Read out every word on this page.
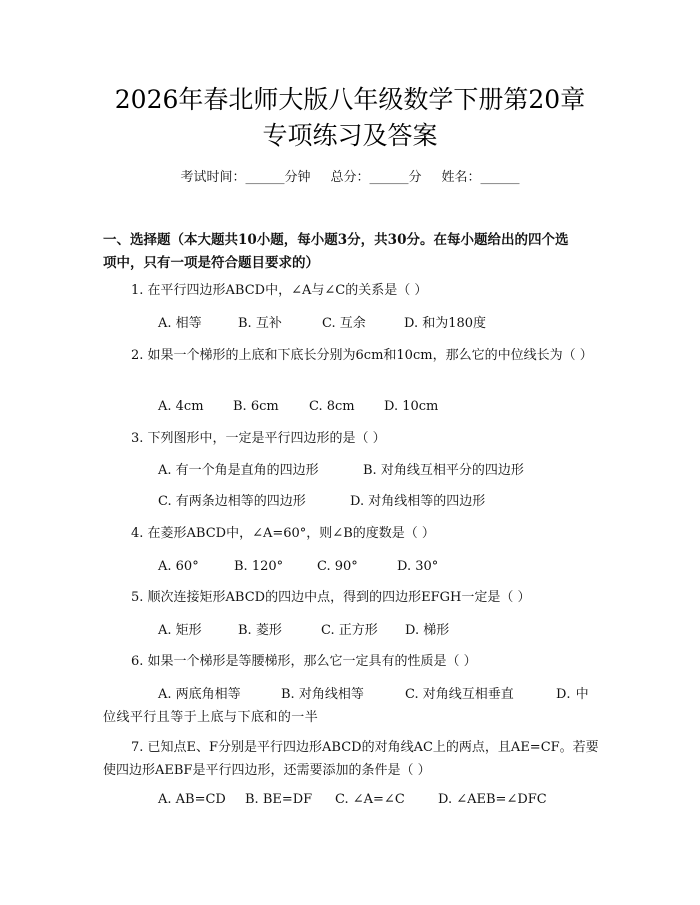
2026年春北师大版八年级数学下册第20章
专项练习及答案
考试时间：______分钟 总分：______分 姓名：______
一、选择题（本大题共10小题，每小题3分，共30分。在每小题给出的四个选
项中，只有一项是符合题目要求的）
1. 在平行四边形ABCD中，∠A与∠C的关系是（ ）
A. 相等	B. 互补	C. 互余	D. 和为180度
2. 如果一个梯形的上底和下底长分别为6cm和10cm，那么它的中位线长为（ ）
A. 4cm B. 6cm C. 8cm D. 10cm
3. 下列图形中，一定是平行四边形的是（ ）
A. 有一个角是直角的四边形	B. 对角线互相平分的四边形
C. 有两条边相等的四边形	D. 对角线相等的四边形
4. 在菱形ABCD中，∠A=60°，则∠B的度数是（ ）
A. 60°	B. 120°	C. 90°	D. 30°
5. 顺次连接矩形ABCD的四边中点，得到的四边形EFGH一定是（ ）
A. 矩形	B. 菱形	C. 正方形 D. 梯形
6. 如果一个梯形是等腰梯形，那么它一定具有的性质是（ ）
A. 两底角相等	B. 对角线相等	C. 对角线互相垂直	D. 中位线平行且等于上底与下底和的一半
7. 已知点E、F分别是平行四边形ABCD的对角线AC上的两点，且AE=CF。若要使四边形AEBF是平行四边形，还需要添加的条件是（ ）
A. AB=CD B. BE=DF C. ∠A=∠C	D. ∠AEB=∠DFC
